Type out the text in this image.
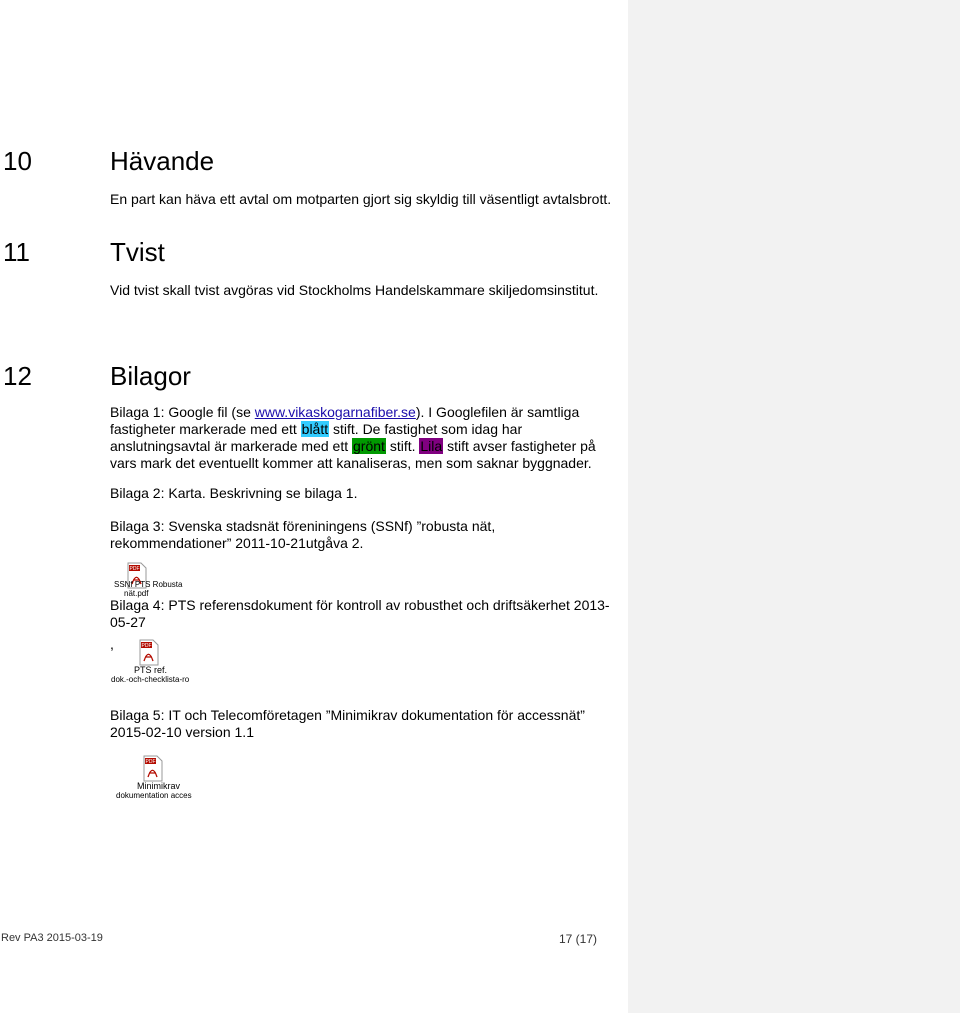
10	Hävande
En part kan häva ett avtal om motparten gjort sig skyldig till väsentligt avtalsbrott.
11	Tvist
Vid tvist skall tvist avgöras vid Stockholms Handelskammare skiljedomsinstitut.
12	Bilagor
Bilaga 1: Google fil (se www.vikaskogarnafiber.se). I Googlefilen är samtliga
fastigheter markerade med ett blått stift. De fastighet som idag har
anslutningsavtal är markerade med ett grönt stift. Lila stift avser fastigheter på
vars mark det eventuellt kommer att kanaliseras, men som saknar byggnader.
Bilaga 2: Karta. Beskrivning se bilaga 1.
Bilaga 3: Svenska stadsnät föreniningens (SSNf) ”robusta nät,
rekommendationer” 2011-10-21utgåva 2.
PDF
SSNf PTS Robusta
nät.pdf
Bilaga 4: PTS referensdokument för kontroll av robusthet och driftsäkerhet 2013-
05-27
,	PDF
PTS ref.
dok.-och-checklista-ro
Bilaga 5: IT och Telecomföretagen ”Minimikrav dokumentation för accessnät”
2015-02-10 version 1.1
PDF
Minimikrav
dokumentation acces
Rev PA3 2015-03-19	17 (17)
